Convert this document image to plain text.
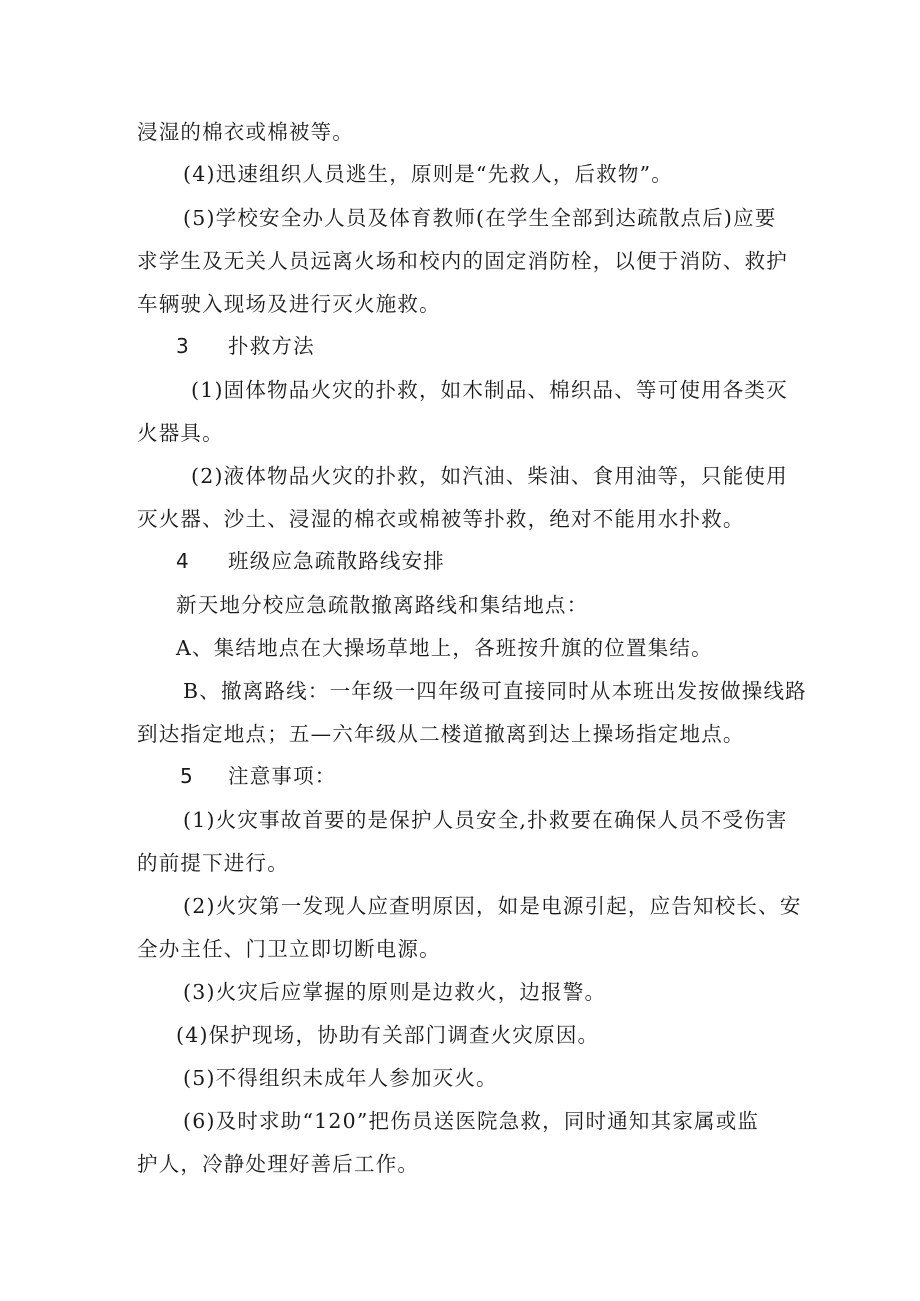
浸湿的棉衣或棉被等。
(4)迅速组织人员逃生，原则是“先救人，后救物”。
(5)学校安全办人员及体育教师(在学生全部到达疏散点后)应要
求学生及无关人员远离火场和校内的固定消防栓，以便于消防、救护
车辆驶入现场及进行灭火施救。
3 扑救方法
(1)固体物品火灾的扑救，如木制品、棉织品、等可使用各类灭
火器具。
(2)液体物品火灾的扑救，如汽油、柴油、食用油等，只能使用
灭火器、沙土、浸湿的棉衣或棉被等扑救，绝对不能用水扑救。
4 班级应急疏散路线安排
新天地分校应急疏散撤离路线和集结地点：
A、集结地点在大操场草地上，各班按升旗的位置集结。
B、撤离路线：一年级一四年级可直接同时从本班出发按做操线路
到达指定地点；五—六年级从二楼道撤离到达上操场指定地点。
5 注意事项：
(1)火灾事故首要的是保护人员安全,扑救要在确保人员不受伤害
的前提下进行。
(2)火灾第一发现人应查明原因，如是电源引起，应告知校长、安
全办主任、门卫立即切断电源。
(3)火灾后应掌握的原则是边救火，边报警。
(4)保护现场，协助有关部门调查火灾原因。
(5)不得组织未成年人参加灭火。
(6)及时求助“120”把伤员送医院急救，同时通知其家属或监
护人，冷静处理好善后工作。
